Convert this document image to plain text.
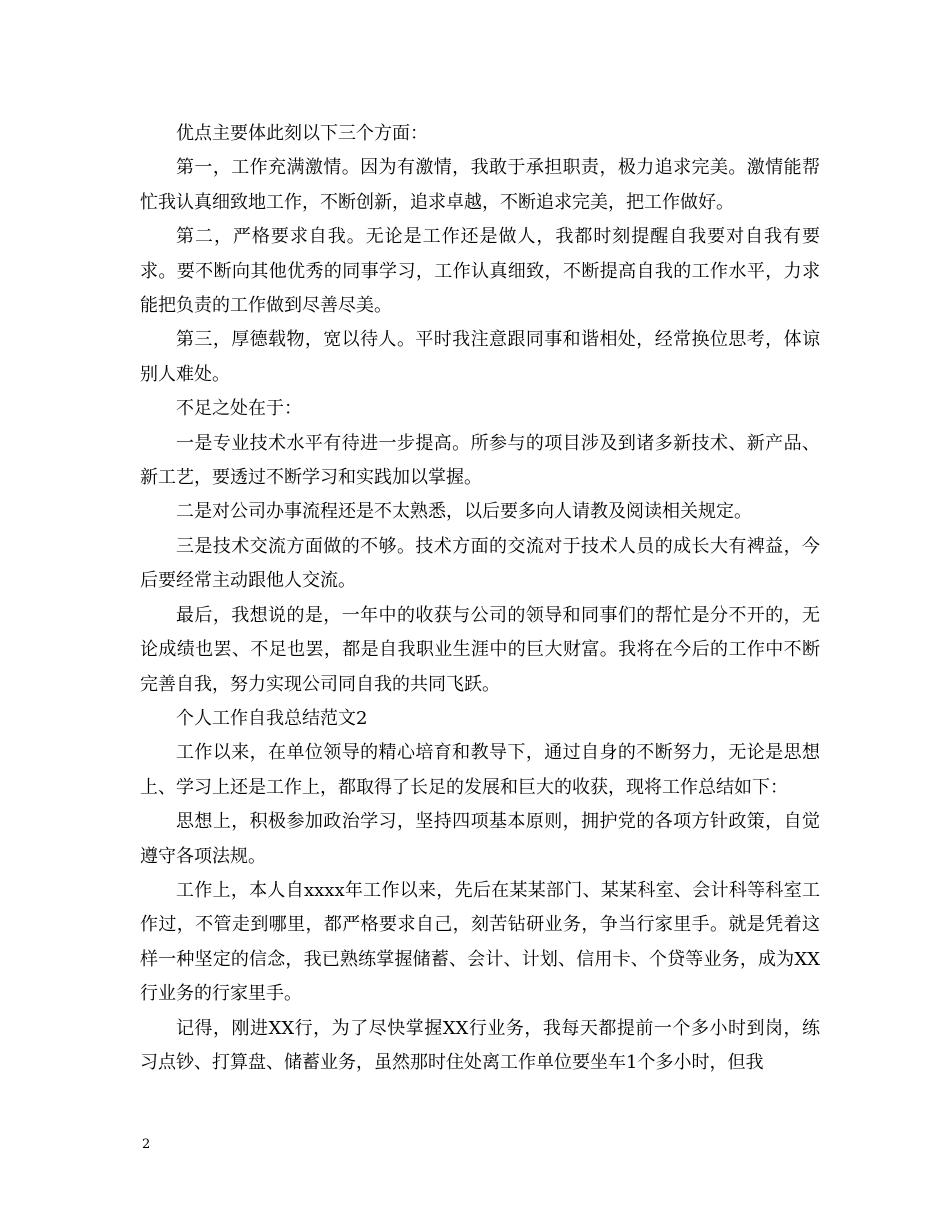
优点主要体此刻以下三个方面：

第一，工作充满激情。因为有激情，我敢于承担职责，极力追求完美。激情能帮忙我认真细致地工作，不断创新，追求卓越，不断追求完美，把工作做好。

第二，严格要求自我。无论是工作还是做人，我都时刻提醒自我要对自我有要求。要不断向其他优秀的同事学习，工作认真细致，不断提高自我的工作水平，力求能把负责的工作做到尽善尽美。

第三，厚德载物，宽以待人。平时我注意跟同事和谐相处，经常换位思考，体谅别人难处。

不足之处在于：

一是专业技术水平有待进一步提高。所参与的项目涉及到诸多新技术、新产品、新工艺，要透过不断学习和实践加以掌握。

二是对公司办事流程还是不太熟悉，以后要多向人请教及阅读相关规定。

三是技术交流方面做的不够。技术方面的交流对于技术人员的成长大有裨益，今后要经常主动跟他人交流。

最后，我想说的是，一年中的收获与公司的领导和同事们的帮忙是分不开的，无论成绩也罢、不足也罢，都是自我职业生涯中的巨大财富。我将在今后的工作中不断完善自我，努力实现公司同自我的共同飞跃。

个人工作自我总结范文2

工作以来，在单位领导的精心培育和教导下，通过自身的不断努力，无论是思想上、学习上还是工作上，都取得了长足的发展和巨大的收获，现将工作总结如下：

思想上，积极参加政治学习，坚持四项基本原则，拥护党的各项方针政策，自觉遵守各项法规。

工作上，本人自xxxx年工作以来，先后在某某部门、某某科室、会计科等科室工作过，不管走到哪里，都严格要求自己，刻苦钻研业务，争当行家里手。就是凭着这样一种坚定的信念，我已熟练掌握储蓄、会计、计划、信用卡、个贷等业务，成为XX行业务的行家里手。

记得，刚进XX行，为了尽快掌握XX行业务，我每天都提前一个多小时到岗，练习点钞、打算盘、储蓄业务，虽然那时住处离工作单位要坐车1个多小时，但我

2
